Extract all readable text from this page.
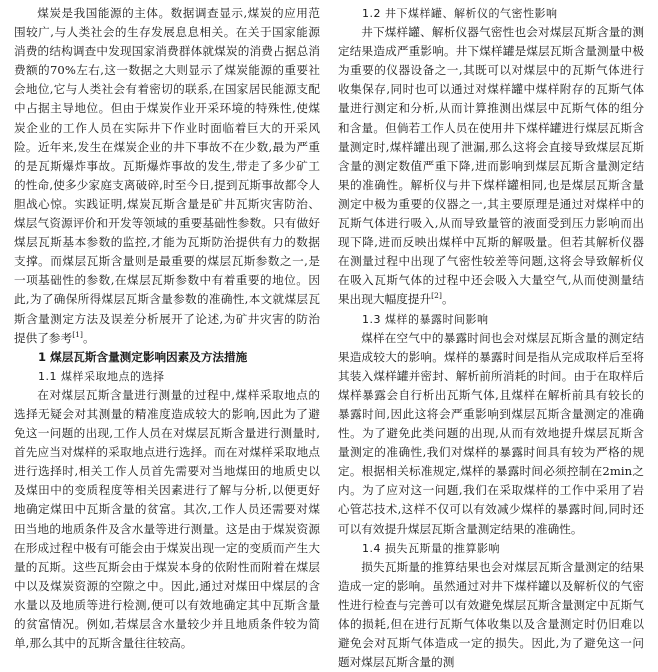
煤炭是我国能源的主体。数据调查显示,煤炭的应用范围较广,与人类社会的生存发展息息相关。在关于国家能源消费的结构调查中发现国家消费群体就煤炭的消费占据总消费额的70%左右,这一数据之大则显示了煤炭能源的重要社会地位,它与人类社会有着密切的联系,在国家居民能源支配中占据主导地位。但由于煤炭作业开采环境的特殊性,使煤炭企业的工作人员在实际井下作业时面临着巨大的开采风险。近年来,发生在煤炭企业的井下事故不在少数,最为严重的是瓦斯爆炸事故。瓦斯爆炸事故的发生,带走了多少矿工的性命,使多少家庭支离破碎,时至今日,提到瓦斯事故都令人胆战心惊。实践证明,煤炭瓦斯含量是矿井瓦斯灾害防治、煤层气资源评价和开发等领域的重要基础性参数。只有做好煤层瓦斯基本参数的监控,才能为瓦斯防治提供有力的数据支撑。而煤层瓦斯含量则是最重要的煤层瓦斯参数之一,是一项基础性的参数,在煤层瓦斯参数中有着重要的地位。因此,为了确保所得煤层瓦斯含量参数的准确性,本文就煤层瓦斯含量测定方法及误差分析展开了论述,为矿井灾害的防治提供了参考[1]。

1 煤层瓦斯含量测定影响因素及方法措施
1.1 煤样采取地点的选择

在对煤层瓦斯含量进行测量的过程中,煤样采取地点的选择无疑会对其测量的精准度造成较大的影响,因此为了避免这一问题的出现,工作人员在对煤层瓦斯含量进行测量时,首先应当对煤样的采取地点进行选择。而在对煤样采取地点进行选择时,相关工作人员首先需要对当地煤田的地质史以及煤田中的变质程度等相关因素进行了解与分析,以便更好地确定煤田中瓦斯含量的贫富。其次,工作人员还需要对煤田当地的地质条件及含水量等进行测量。这是由于煤炭资源在形成过程中极有可能会由于煤炭出现一定的变质而产生大量的瓦斯。这些瓦斯会由于煤炭本身的依附性而附着在煤层中以及煤炭资源的空隙之中。因此,通过对煤田中煤层的含水量以及地质等进行检测,便可以有效地确定其中瓦斯含量的贫富情况。例如,若煤层含水量较少并且地质条件较为简单,那么其中的瓦斯含量往往较高。

1.2 井下煤样罐、解析仪的气密性影响

井下煤样罐、解析仪器气密性也会对煤层瓦斯含量的测定结果造成严重影响。井下煤样罐是煤层瓦斯含量测量中极为重要的仪器设备之一,其既可以对煤层中的瓦斯气体进行收集保存,同时也可以通过对煤样罐中煤样附存的瓦斯气体量进行测定和分析,从而计算推测出煤层中瓦斯气体的组分和含量。但倘若工作人员在使用井下煤样罐进行煤层瓦斯含量测定时,煤样罐出现了泄漏,那么这将会直接导致煤层瓦斯含量的测定数值严重下降,进而影响到煤层瓦斯含量测定结果的准确性。解析仪与井下煤样罐相同,也是煤层瓦斯含量测定中极为重要的仪器之一,其主要原理是通过对煤样中的瓦斯气体进行吸入,从而导致量管的液面受到压力影响而出现下降,进而反映出煤样中瓦斯的解吸量。但若其解析仪器在测量过程中出现了气密性较差等问题,这将会导致解析仪在吸入瓦斯气体的过程中还会吸入大量空气,从而使测量结果出现大幅度提升[2]。

1.3 煤样的暴露时间影响

煤样在空气中的暴露时间也会对煤层瓦斯含量的测定结果造成较大的影响。煤样的暴露时间是指从完成取样后至将其装入煤样罐并密封、解析前所消耗的时间。由于在取样后煤样暴露会自行析出瓦斯气体,且煤样在解析前具有较长的暴露时间,因此这将会严重影响到煤层瓦斯含量测定的准确性。为了避免此类问题的出现,从而有效地提升煤层瓦斯含量测定的准确性,我们对煤样的暴露时间具有较为严格的规定。根据相关标准规定,煤样的暴露时间必须控制在2min之内。为了应对这一问题,我们在采取煤样的工作中采用了岩心管芯技术,这样不仅可以有效减少煤样的暴露时间,同时还可以有效提升煤层瓦斯含量测定结果的准确性。

1.4 损失瓦斯量的推算影响

损失瓦斯量的推算结果也会对煤层瓦斯含量测定的结果造成一定的影响。虽然通过对井下煤样罐以及解析仪的气密性进行检查与完善可以有效避免煤层瓦斯含量测定中瓦斯气体的损耗,但在进行瓦斯气体收集以及含量测定时仍旧难以避免会对瓦斯气体造成一定的损失。因此,为了避免这一问题对煤层瓦斯含量的测
